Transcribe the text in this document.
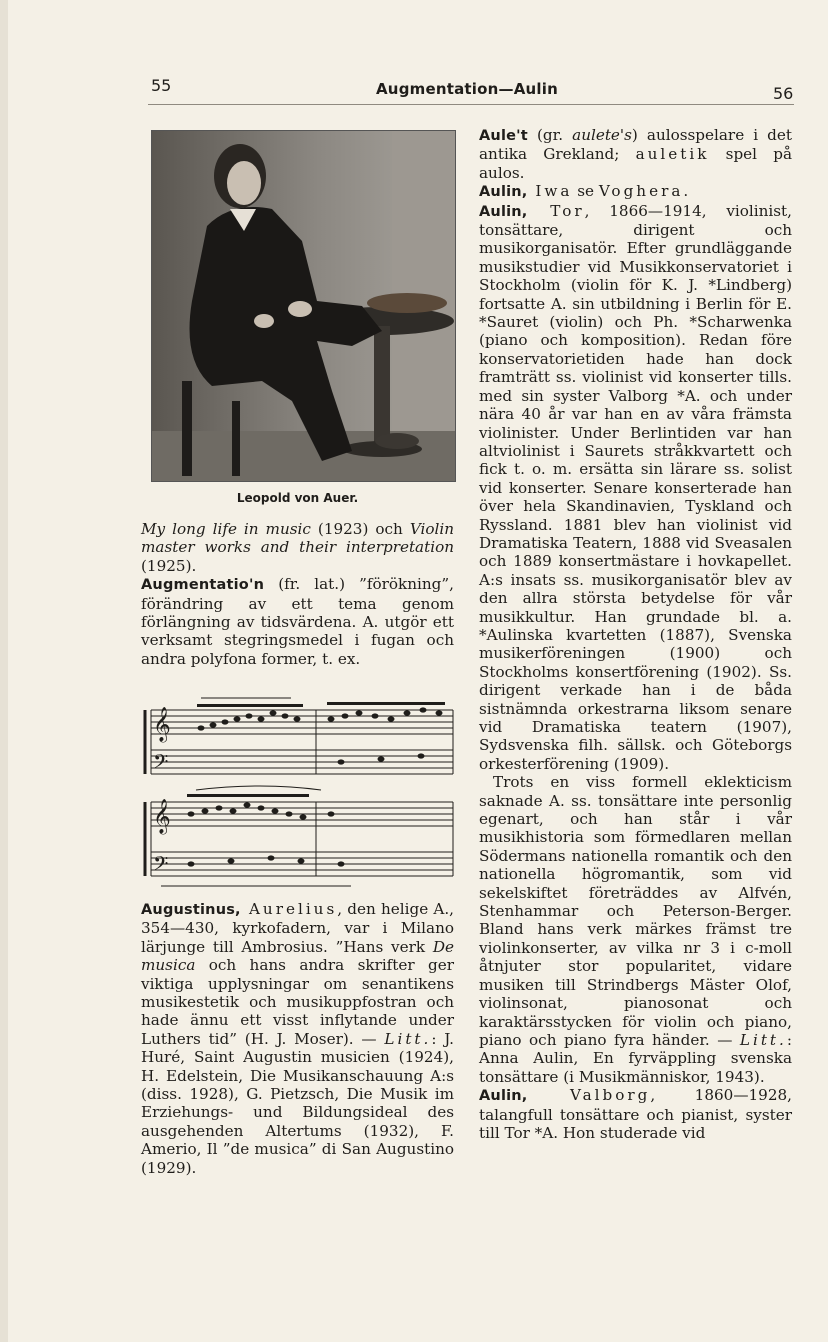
55	Augmentation—Aulin	56
Leopold von Auer.

My long life in music (1923) och Violin master works and their interpretation (1925).

Augmentatio'n (fr. lat.) ”förökning”, förändring av ett tema genom förlängning av tidsvärdena. A. utgör ett verksamt stegringsmedel i fugan och andra polyfona former, t. ex.

𝄞
𝄢
𝄞
𝄢

Augustinus, Aurelius, den helige A., 354—430, kyrkofadern, var i Milano lärjunge till Ambrosius. ”Hans verk De musica och hans andra skrifter ger viktiga upplysningar om senantikens musikestetik och musikuppfostran och hade ännu ett visst inflytande under Luthers tid” (H. J. Moser). — Litt.: J. Huré, Saint Augustin musicien (1924), H. Edelstein, Die Musikanschauung A:s (diss. 1928), G. Pietzsch, Die Musik im Erziehungs- und Bildungsideal des ausgehenden Altertums (1932), F. Amerio, Il ”de musica” di San Augustino (1929).

Aule't (gr. aulete's) aulosspelare i det antika Grekland; auletik spel på aulos.

Aulin, Iwa se Voghera.

Aulin, Tor, 1866—1914, violinist, tonsättare, dirigent och musikorganisatör. Efter grundläggande musikstudier vid Musikkonservatoriet i Stockholm (violin för K. J. *Lindberg) fortsatte A. sin utbildning i Berlin för E. *Sauret (violin) och Ph. *Scharwenka (piano och komposition). Redan före konservatorietiden hade han dock framträtt ss. violinist vid konserter tills. med sin syster Valborg *A. och under nära 40 år var han en av våra främsta violinister. Under Berlintiden var han altviolinist i Saurets stråkkvartett och fick t. o. m. ersätta sin lärare ss. solist vid konserter. Senare konserterade han över hela Skandinavien, Tyskland och Ryssland. 1881 blev han violinist vid Dramatiska Teatern, 1888 vid Sveasalen och 1889 konsertmästare i hovkapellet. A:s insats ss. musikorganisatör blev av den allra största betydelse för vår musikkultur. Han grundade bl. a. *Aulinska kvartetten (1887), Svenska musikerföreningen (1900) och Stockholms konsertförening (1902). Ss. dirigent verkade han i de båda sistnämnda orkestrarna liksom senare vid Dramatiska teatern (1907), Sydsvenska filh. sällsk. och Göteborgs orkesterförening (1909).

Trots en viss formell eklekticism saknade A. ss. tonsättare inte personlig egenart, och han står i vår musikhistoria som förmedlaren mellan Södermans nationella romantik och den nationella högromantik, som vid sekelskiftet företräddes av Alfvén, Stenhammar och Peterson-Berger. Bland hans verk märkes främst tre violinkonserter, av vilka nr 3 i c-moll åtnjuter stor popularitet, vidare musiken till Strindbergs Mäster Olof, violinsonat, pianosonat och karaktärsstycken för violin och piano, piano och piano fyra händer. — Litt.: Anna Aulin, En fyrväppling svenska tonsättare (i Musikmänniskor, 1943).

Aulin, Valborg, 1860—1928, talangfull tonsättare och pianist, syster till Tor *A. Hon studerade vid
